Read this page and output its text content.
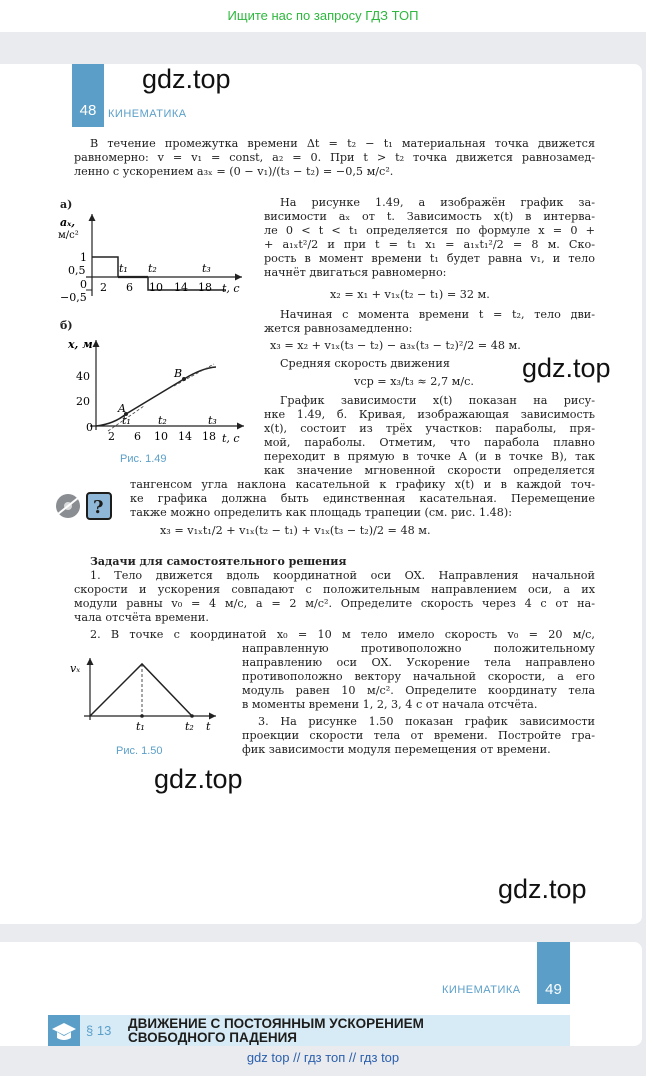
Ищите нас по запросу ГДЗ ТОП
48	КИНЕМАТИКА
gdz.top
В течение промежутка времени Δt = t₂ − t₁ материальная точка движется
равномерно: v = v₁ = const, a₂ = 0. При t > t₂ точка движется равнозамед-
ленно с ускорением a₃ₓ = (0 − v₁)/(t₃ − t₂) = −0,5 м/с².
а)
aₓ,
м/с²
1
0,5
0
−0,5
2 6 10 14 18
t₁ t₂	t₃
t, с
б)
x, м
40
20
0
A
B
2 6 10 14 18
t₁ t₂	t₃
t, с
Рис. 1.49
На рисунке 1.49, а изображён график за-
висимости aₓ от t. Зависимость x(t) в интерва-
ле 0 < t < t₁ определяется по формуле x = 0 +
+ a₁ₓt²/2 и при t = t₁ x₁ = a₁ₓt₁²/2 = 8 м. Ско-
рость в момент времени t₁ будет равна v₁, и тело
начнёт двигаться равномерно:
x₂ = x₁ + v₁ₓ(t₂ − t₁) = 32 м.
Начиная с момента времени t = t₂, тело дви-
жется равнозамедленно:
x₃ = x₂ + v₁ₓ(t₃ − t₂) − a₃ₓ(t₃ − t₂)²/2 = 48 м.
Средняя скорость движения
vср = x₃/t₃ ≈ 2,7 м/с. gdz.top
График зависимости x(t) показан на рису-
нке 1.49, б. Кривая, изображающая зависимость
x(t), состоит из трёх участков: параболы, пря-
мой, параболы. Отметим, что парабола плавно
переходит в прямую в точке A (и в точке B), так
как значение мгновенной скорости определяется
?
тангенсом угла наклона касательной к графику x(t) и в каждой точ-
ке графика должна быть единственная касательная. Перемещение
также можно определить как площадь трапеции (см. рис. 1.48):
x₃ = v₁ₓt₁/2 + v₁ₓ(t₂ − t₁) + v₁ₓ(t₃ − t₂)/2 = 48 м.
Задачи для самостоятельного решения
1. Тело движется вдоль координатной оси OX. Направления начальной
скорости и ускорения совпадают с положительным направлением оси, а их
модули равны v₀ = 4 м/с, a = 2 м/с². Определите скорость через 4 с от на-
чала отсчёта времени.
2. В точке с координатой x₀ = 10 м тело имело скорость v₀ = 20 м/с,
направленную противоположно положительному
направлению оси OX. Ускорение тела направлено
противоположно вектору начальной скорости, а его
модуль равен 10 м/с². Определите координату тела
в моменты времени 1, 2, 3, 4 с от начала отсчёта.
3. На рисунке 1.50 показан график зависимости
проекции скорости тела от времени. Постройте гра-
фик зависимости модуля перемещения от времени.
vₓ
t
t₁	t₂
Рис. 1.50
gdz.top
gdz.top
КИНЕМАТИКА	49
§ 13 ДВИЖЕНИЕ С ПОСТОЯННЫМ УСКОРЕНИЕМ
СВОБОДНОГО ПАДЕНИЯ
gdz top // гдз топ // гдз top
